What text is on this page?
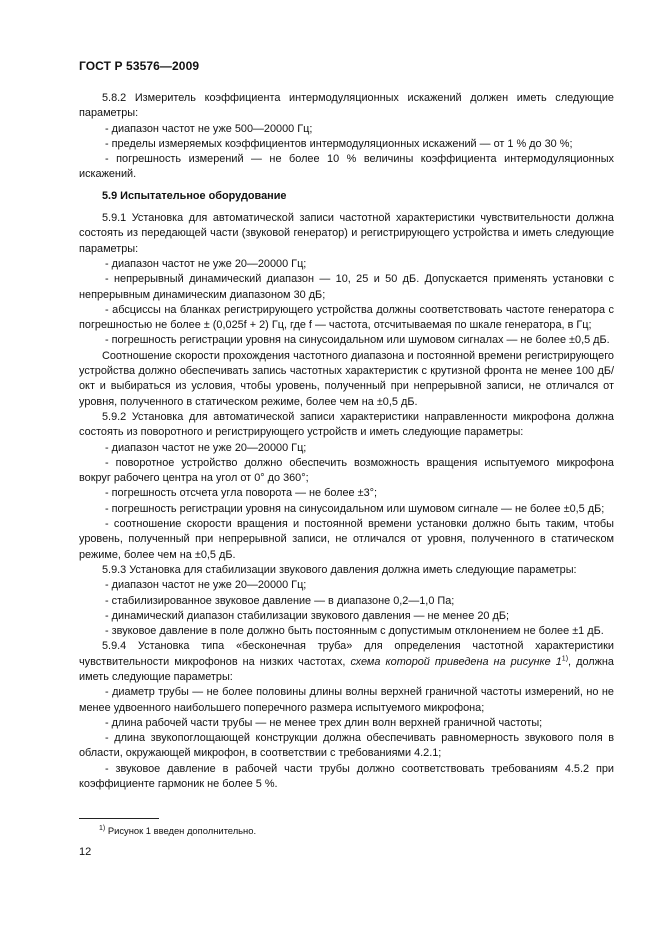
ГОСТ Р 53576—2009

5.8.2 Измеритель коэффициента интермодуляционных искажений должен иметь следующие параметры:

- диапазон частот не уже 500—20000 Гц;

- пределы измеряемых коэффициентов интермодуляционных искажений — от 1 % до 30 %;

- погрешность измерений — не более 10 % величины коэффициента интермодуляционных искажений.

5.9 Испытательное оборудование

5.9.1 Установка для автоматической записи частотной характеристики чувствительности должна состоять из передающей части (звуковой генератор) и регистрирующего устройства и иметь следующие параметры:

- диапазон частот не уже 20—20000 Гц;

- непрерывный динамический диапазон — 10, 25 и 50 дБ. Допускается применять установки с непрерывным динамическим диапазоном 30 дБ;

- абсциссы на бланках регистрирующего устройства должны соответствовать частоте генератора с погрешностью не более ± (0,025f + 2) Гц, где f — частота, отсчитываемая по шкале генератора, в Гц;

- погрешность регистрации уровня на синусоидальном или шумовом сигналах — не более ±0,5 дБ.

Соотношение скорости прохождения частотного диапазона и постоянной времени регистрирующего устройства должно обеспечивать запись частотных характеристик с крутизной фронта не менее 100 дБ/окт и выбираться из условия, чтобы уровень, полученный при непрерывной записи, не отличался от уровня, полученного в статическом режиме, более чем на ±0,5 дБ.

5.9.2 Установка для автоматической записи характеристики направленности микрофона должна состоять из поворотного и регистрирующего устройств и иметь следующие параметры:

- диапазон частот не уже 20—20000 Гц;

- поворотное устройство должно обеспечить возможность вращения испытуемого микрофона вокруг рабочего центра на угол от 0° до 360°;

- погрешность отсчета угла поворота — не более ±3°;

- погрешность регистрации уровня на синусоидальном или шумовом сигнале — не более ±0,5 дБ;

- соотношение скорости вращения и постоянной времени установки должно быть таким, чтобы уровень, полученный при непрерывной записи, не отличался от уровня, полученного в статическом режиме, более чем на ±0,5 дБ.

5.9.3 Установка для стабилизации звукового давления должна иметь следующие параметры:

- диапазон частот не уже 20—20000 Гц;

- стабилизированное звуковое давление — в диапазоне 0,2—1,0 Па;

- динамический диапазон стабилизации звукового давления — не менее 20 дБ;

- звуковое давление в поле должно быть постоянным с допустимым отклонением не более ±1 дБ.

5.9.4 Установка типа «бесконечная труба» для определения частотной характеристики чувствительности микрофонов на низких частотах, схема которой приведена на рисунке 1$^{1)}$, должна иметь следующие параметры:

- диаметр трубы — не более половины длины волны верхней граничной частоты измерений, но не менее удвоенного наибольшего поперечного размера испытуемого микрофона;

- длина рабочей части трубы — не менее трех длин волн верхней граничной частоты;

- длина звукопоглощающей конструкции должна обеспечивать равномерность звукового поля в области, окружающей микрофон, в соответствии с требованиями 4.2.1;

- звуковое давление в рабочей части трубы должно соответствовать требованиям 4.5.2 при коэффициенте гармоник не более 5 %.

$^{1)}$ Рисунок 1 введен дополнительно.
12
